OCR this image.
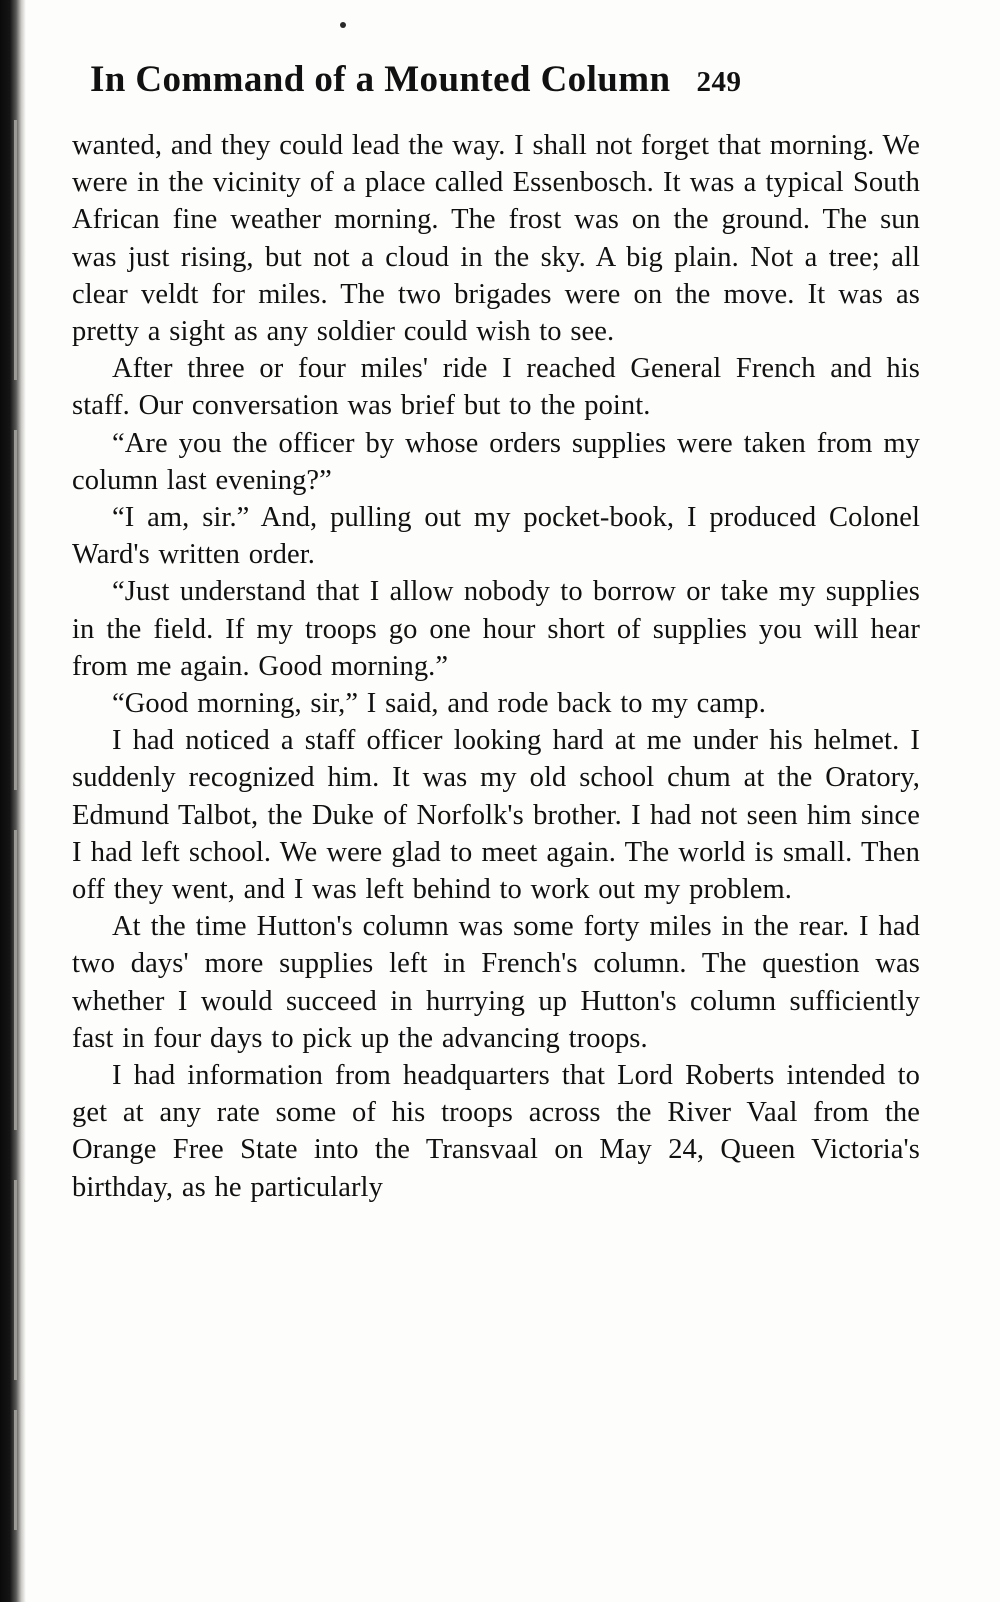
In Command of a Mounted Column 249

wanted, and they could lead the way. I shall not forget that morning. We were in the vicinity of a place called Essenbosch. It was a typical South African fine weather morning. The frost was on the ground. The sun was just rising, but not a cloud in the sky. A big plain. Not a tree; all clear veldt for miles. The two brigades were on the move. It was as pretty a sight as any soldier could wish to see.

After three or four miles' ride I reached General French and his staff. Our conversation was brief but to the point.

“Are you the officer by whose orders supplies were taken from my column last evening?”

“I am, sir.” And, pulling out my pocket-book, I produced Colonel Ward's written order.

“Just understand that I allow nobody to borrow or take my supplies in the field. If my troops go one hour short of supplies you will hear from me again. Good morning.”

“Good morning, sir,” I said, and rode back to my camp.

I had noticed a staff officer looking hard at me under his helmet. I suddenly recognized him. It was my old school chum at the Oratory, Edmund Talbot, the Duke of Norfolk's brother. I had not seen him since I had left school. We were glad to meet again. The world is small. Then off they went, and I was left behind to work out my problem.

At the time Hutton's column was some forty miles in the rear. I had two days' more supplies left in French's column. The question was whether I would succeed in hurrying up Hutton's column sufficiently fast in four days to pick up the advancing troops.

I had information from headquarters that Lord Roberts intended to get at any rate some of his troops across the River Vaal from the Orange Free State into the Transvaal on May 24, Queen Victoria's birthday, as he particularly
